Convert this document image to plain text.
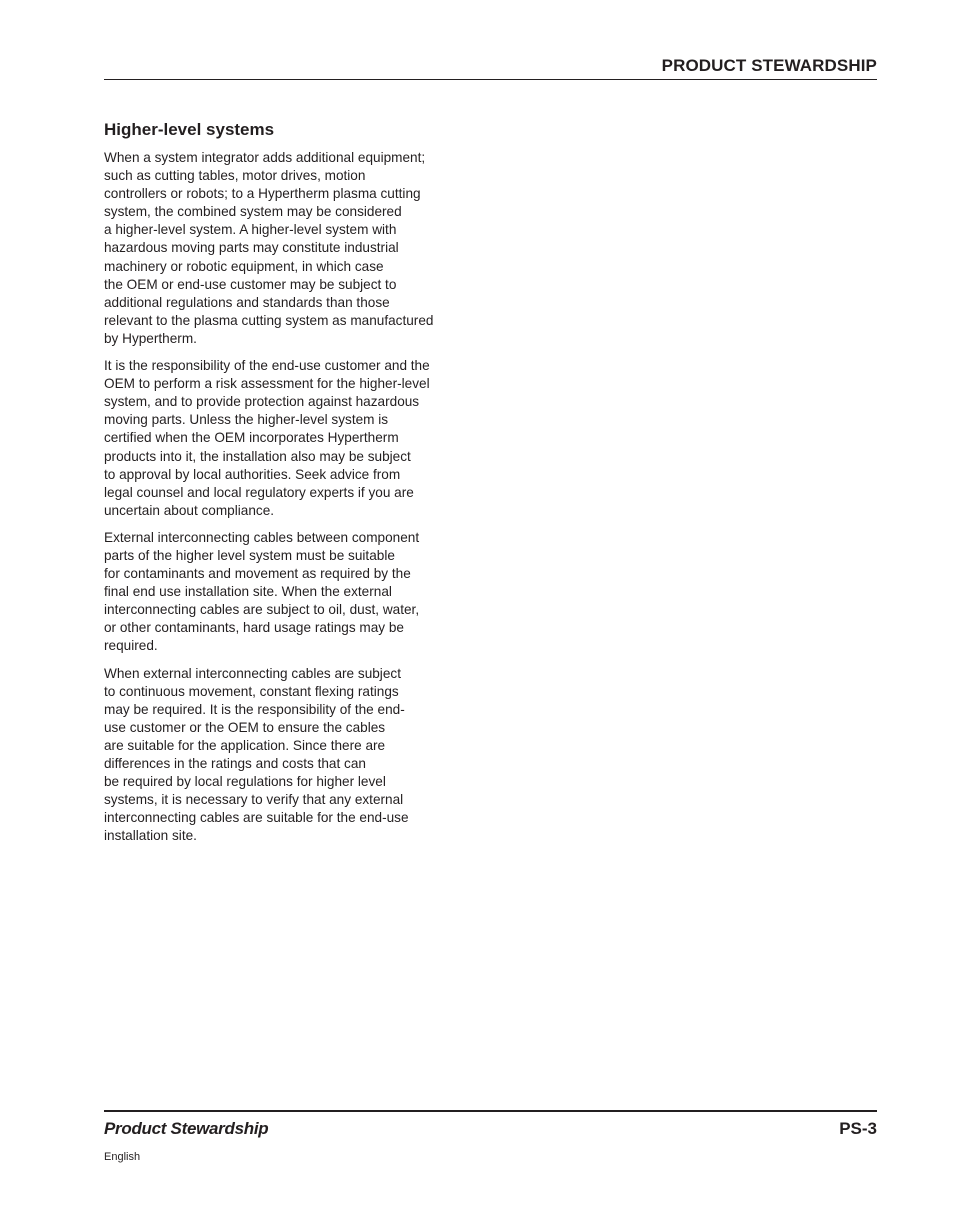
PRODUCT STEWARDSHIP
Higher-level systems

When a system integrator adds additional equipment;
such as cutting tables, motor drives, motion
controllers or robots; to a Hypertherm plasma cutting
system, the combined system may be considered
a higher-level system. A higher-level system with
hazardous moving parts may constitute industrial
machinery or robotic equipment, in which case
the OEM or end-use customer may be subject to
additional regulations and standards than those
relevant to the plasma cutting system as manufactured
by Hypertherm.

It is the responsibility of the end-use customer and the
OEM to perform a risk assessment for the higher-level
system, and to provide protection against hazardous
moving parts. Unless the higher-level system is
certified when the OEM incorporates Hypertherm
products into it, the installation also may be subject
to approval by local authorities. Seek advice from
legal counsel and local regulatory experts if you are
uncertain about compliance.

External interconnecting cables between component
parts of the higher level system must be suitable
for contaminants and movement as required by the
final end use installation site. When the external
interconnecting cables are subject to oil, dust, water,
or other contaminants, hard usage ratings may be
required.

When external interconnecting cables are subject
to continuous movement, constant flexing ratings
may be required. It is the responsibility of the end-
use customer or the OEM to ensure the cables
are suitable for the application. Since there are
differences in the ratings and costs that can
be required by local regulations for higher level
systems, it is necessary to verify that any external
interconnecting cables are suitable for the end-use
installation site.

Product Stewardship	PS-3
English
